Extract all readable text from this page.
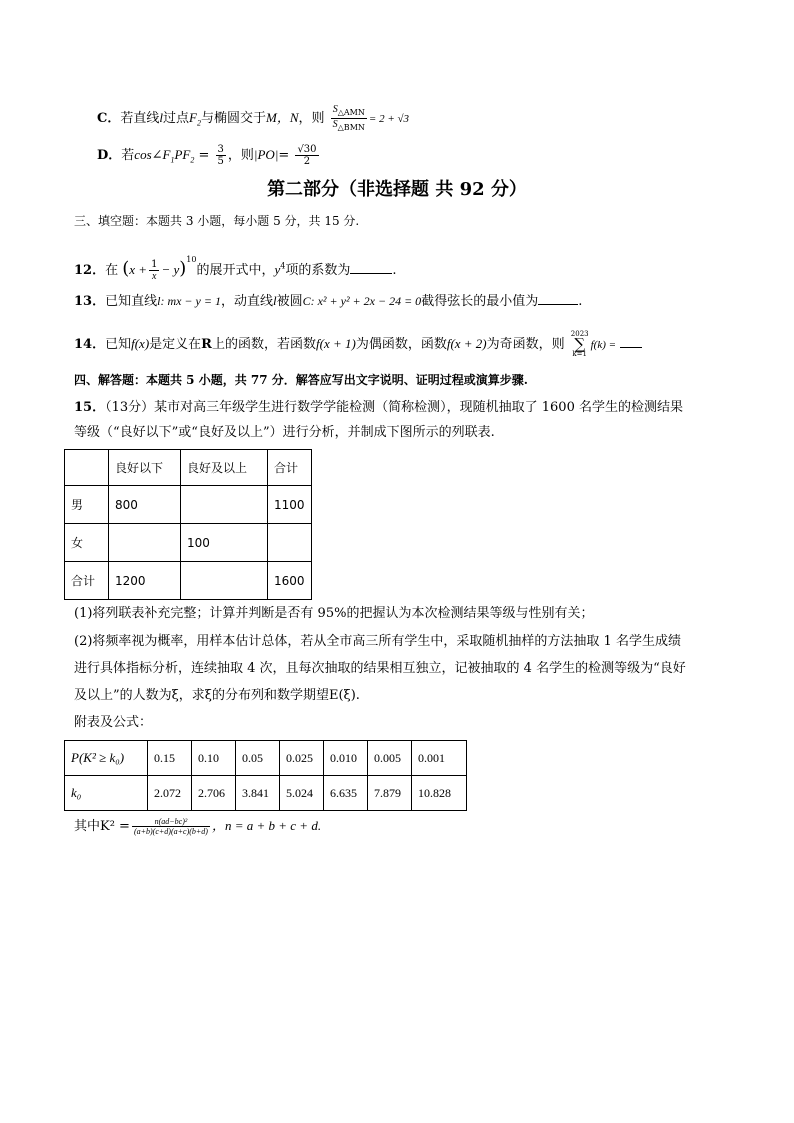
C．若直线l过点$F_2$与椭圆交于M，N，则 $\frac{S_{\triangle AMN}}{S_{\triangle BMN}} = 2 + √3$
D．若$\cos\angle F_1PF_2 = \frac{3}{5}$ ，则$|PO|= \frac{√30}{2}$
第二部分（非选择题 共 92 分）
三、填空题：本题共 3 小题，每小题 5 分，共 15 分.
12．在 $(x + \frac{1}{x} - y)^{10}$的展开式中，$y^4$项的系数为	.
13．已知直线l: mx − y = 1，动直线l被圆C: x² + y² + 2x − 24 = 0截得弦长的最小值为	.
14．已知f(x)是定义在R上的函数，若函数f(x + 1)为偶函数，函数f(x + 2)为奇函数，则
2023
∑
k=1
f(k) =
四、解答题：本题共 5 小题，共 77 分．解答应写出文字说明、证明过程或演算步骤.
15．（13分）某市对高三年级学生进行数学学能检测（简称检测），现随机抽取了 1600 名学生的检测结果
等级（“良好以下”或“良好及以上”）进行分析，并制成下图所示的列联表.
	良好以下	良好及以上	合计
男	800		1100
女		100	
合计	1200		1600
(1)将列联表补充完整；计算并判断是否有 95%的把握认为本次检测结果等级与性别有关；
(2)将频率视为概率，用样本估计总体，若从全市高三所有学生中，采取随机抽样的方法抽取 1 名学生成绩
进行具体指标分析，连续抽取 4 次，且每次抽取的结果相互独立，记被抽取的 4 名学生的检测等级为“良好
及以上”的人数为ξ，求ξ的分布列和数学期望E(ξ).
附表及公式：
P(K² ≥ k₀)	0.15	0.10	0.05	0.025	0.010	0.005	0.001
k₀	2.072	2.706	3.841	5.024	6.635	7.879	10.828
其中$K^2 = \frac{\text{n(ad−bc)²}}{(a+b)(c+d)(a+c)(b+d)}$ ，n = a + b + c + d.
